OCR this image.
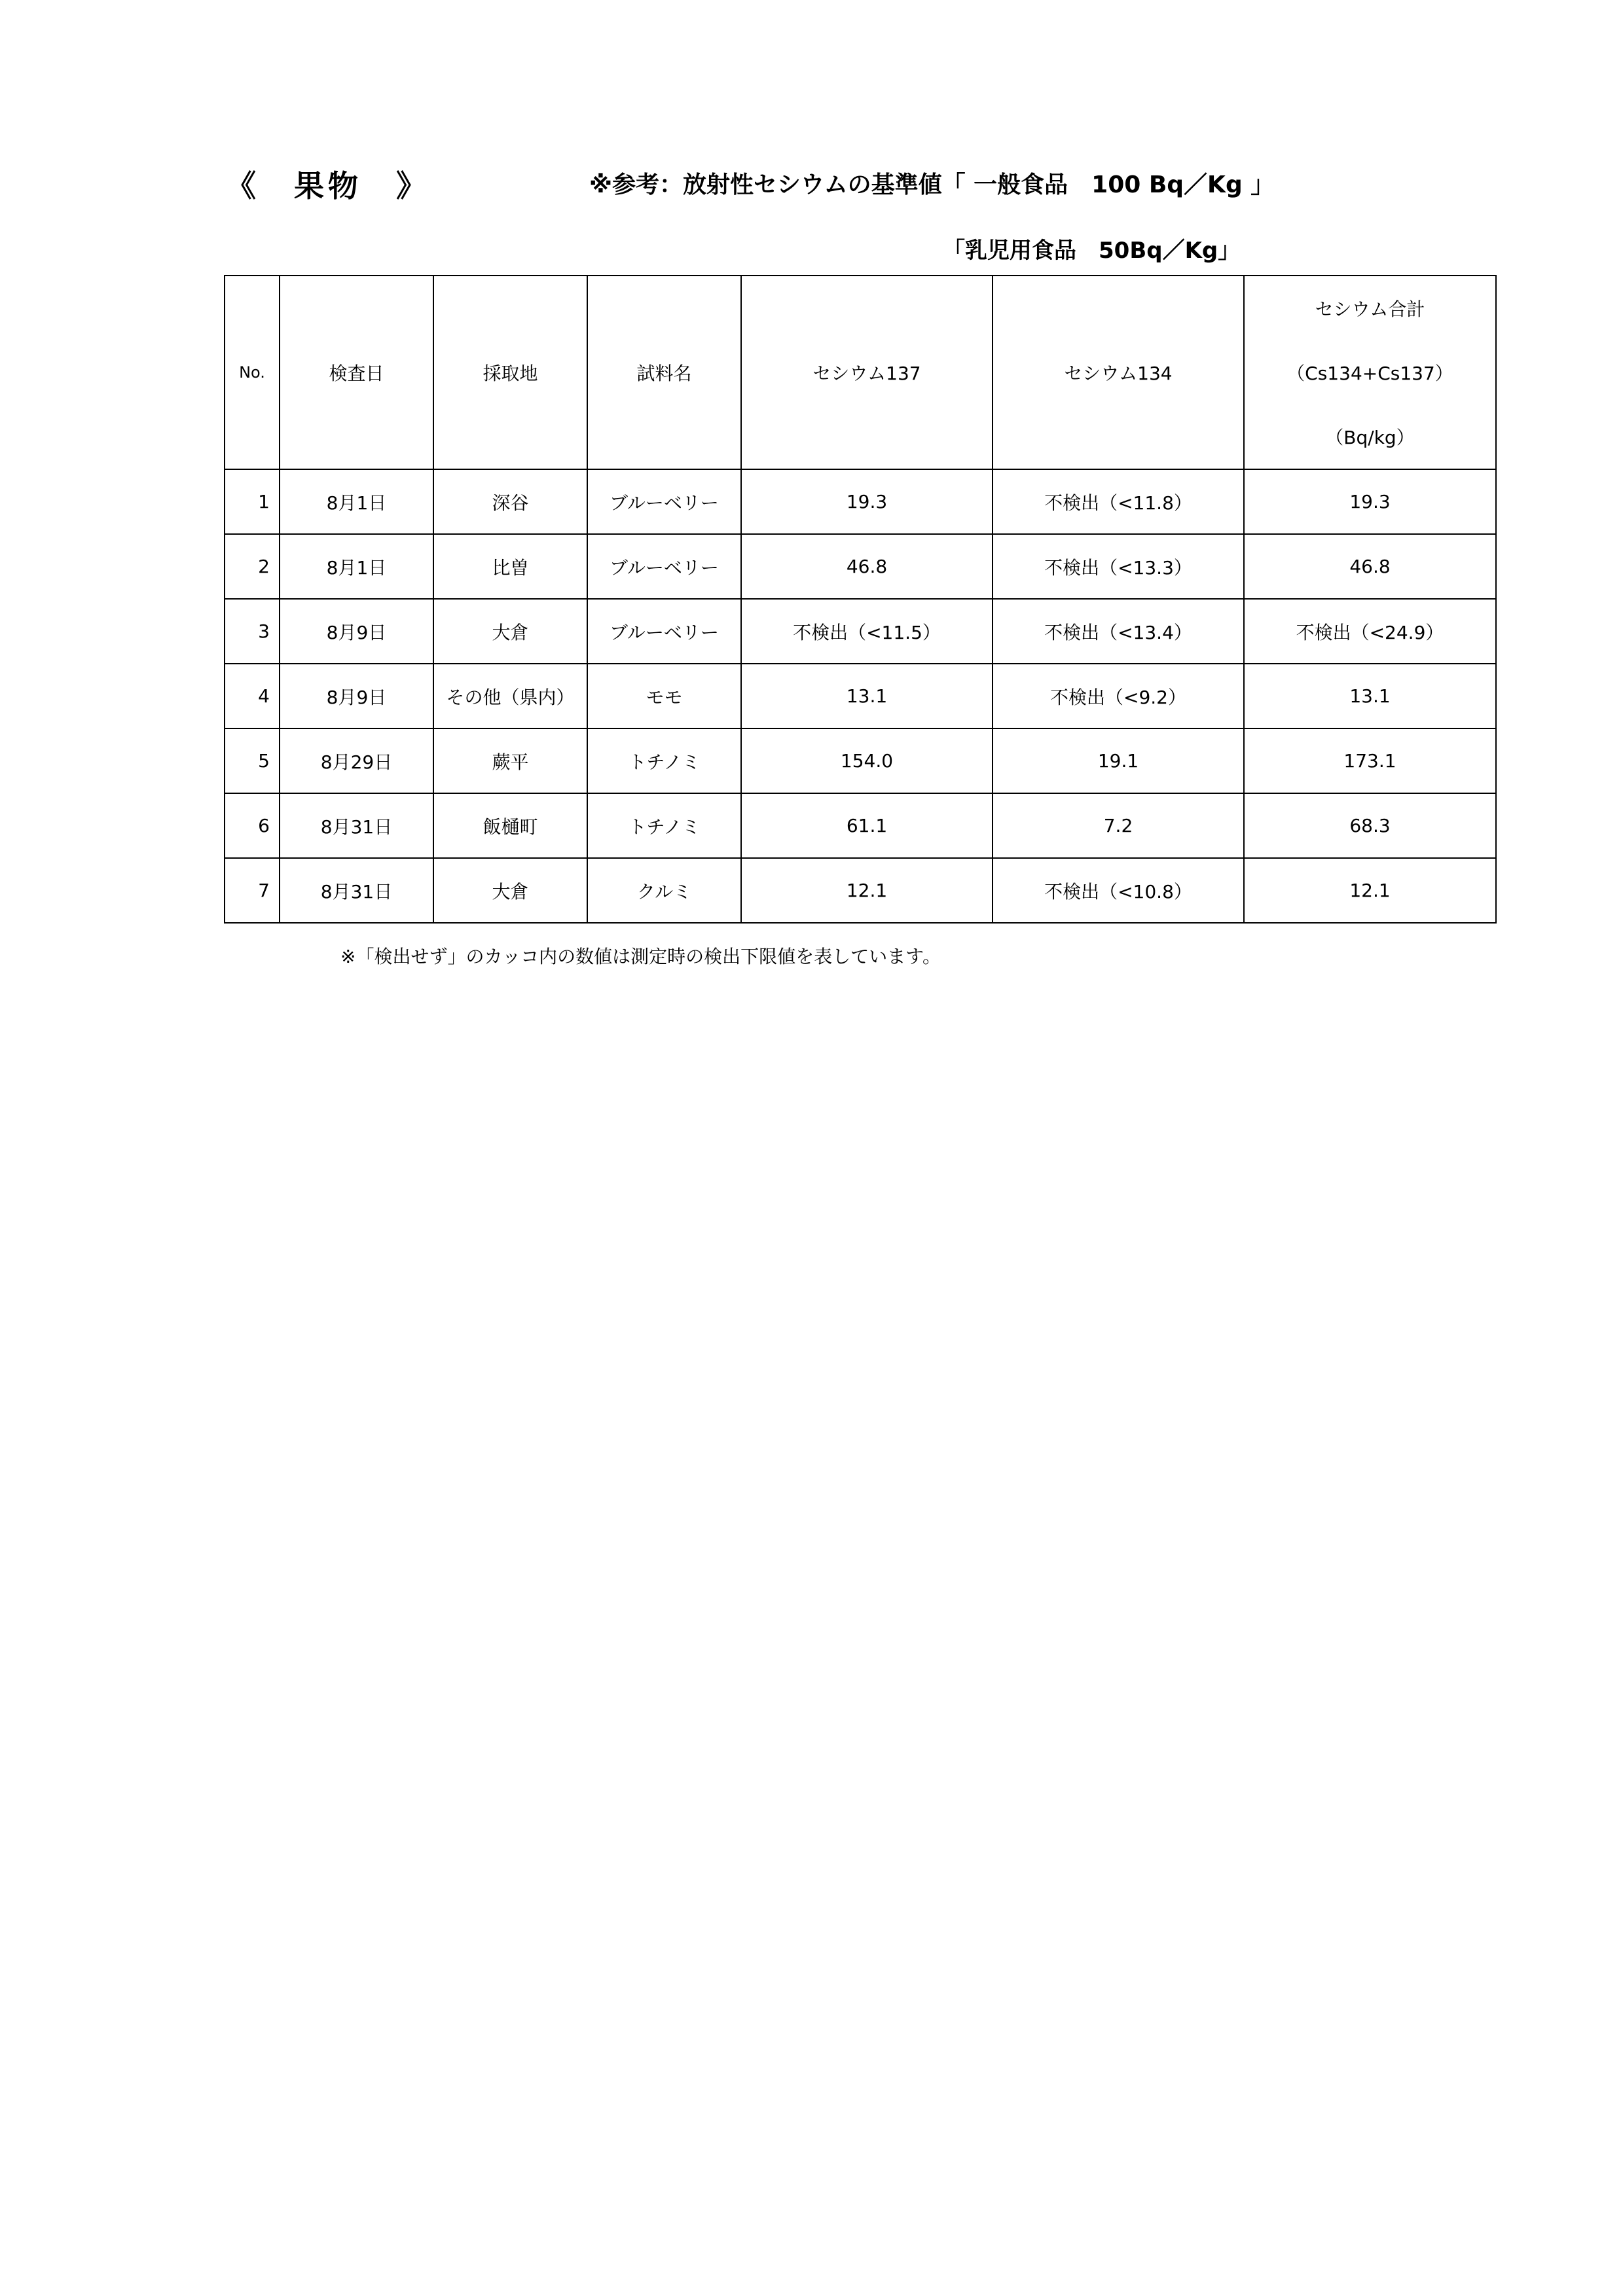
《　果物　》	※参考：放射性セシウムの基準値「 一般食品　100 Bq／Kg 」
「乳児用食品　50Bq／Kg」
No.	検査日	採取地	試料名	セシウム137	セシウム134	セシウム合計
（Cs134+Cs137）
（Bq/kg）

1	8月1日	深谷	ブルーベリー	19.3	不検出（<11.8）	19.3
2	8月1日	比曽	ブルーベリー	46.8	不検出（<13.3）	46.8
3	8月9日	大倉	ブルーベリー	不検出（<11.5）	不検出（<13.4）	不検出（<24.9）
4	8月9日	その他（県内）	モモ	13.1	不検出（<9.2）	13.1
5	8月29日	蕨平	トチノミ	154.0	19.1	173.1
6	8月31日	飯樋町	トチノミ	61.1	7.2	68.3
7	8月31日	大倉	クルミ	12.1	不検出（<10.8）	12.1
※「検出せず」のカッコ内の数値は測定時の検出下限値を表しています。
